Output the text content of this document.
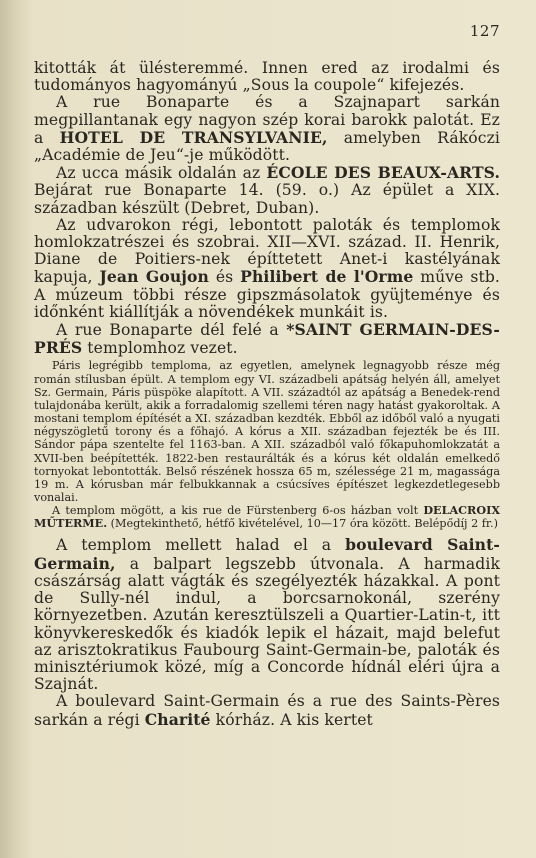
127

kitották át ülésteremmé. Innen ered az irodalmi és tudományos hagyományú „Sous la coupole“ kifejezés.

A rue Bonaparte és a Szajnapart sarkán megpillantanak egy nagyon szép korai barokk palotát. Ez a HOTEL DE TRANSYLVANIE, amelyben Rákóczi „Académie de Jeu“-je működött.

Az ucca másik oldalán az ÉCOLE DES BEAUX-ARTS. Bejárat rue Bonaparte 14. (59. o.) Az épület a XIX. században készült (Debret, Duban).

Az udvarokon régi, lebontott paloták és templomok homlokzatrészei és szobrai. XII—XVI. század. II. Henrik, Diane de Poitiers-nek építtetett Anet-i kastélyának kapuja, Jean Goujon és Philibert de l'Orme műve stb. A múzeum többi része gipszmásolatok gyüjteménye és időnként kiállítják a növendékek munkáit is.

A rue Bonaparte dél felé a *SAINT GERMAIN-DES-PRÉS templomhoz vezet.

Páris legrégibb temploma, az egyetlen, amelynek legnagyobb része még román stílusban épült. A templom egy VI. századbeli apátság helyén áll, amelyet Sz. Germain, Páris püspöke alapított. A VII. századtól az apátság a Benedek-rend tulajdonába került, akik a forradalomig szellemi téren nagy hatást gyakoroltak. A mostani templom építését a XI. században kezdték. Ebből az időből való a nyugati négyszögletű torony és a főhajó. A kórus a XII. században fejezték be és III. Sándor pápa szentelte fel 1163-ban. A XII. századból való főkapuhomlokzatát a XVII-ben beépítették. 1822-ben restaurálták és a kórus két oldalán emelkedő tornyokat lebontották. Belső részének hossza 65 m, szélessége 21 m, magassága 19 m. A kórusban már felbukkannak a csúcsíves építészet legkezdetlegesebb vonalai.

A templom mögött, a kis rue de Fürstenberg 6-os házban volt DELACROIX MŰTERME. (Megtekinthető, hétfő kivételével, 10—17 óra között. Belépődíj 2 fr.)

A templom mellett halad el a boulevard Saint-Germain, a balpart legszebb útvonala. A harmadik császárság alatt vágták és szegélyezték házakkal. A pont de Sully-nél indul, a borcsarnokonál, szerény környezetben. Azután keresztülszeli a Quartier-Latin-t, itt könyvkereskedők és kiadók lepik el házait, majd belefut az arisztokratikus Faubourg Saint-Germain-be, paloták és minisztériumok közé, míg a Concorde hídnál eléri újra a Szajnát.

A boulevard Saint-Germain és a rue des Saints-Pères sarkán a régi Charité kórház. A kis kertet
